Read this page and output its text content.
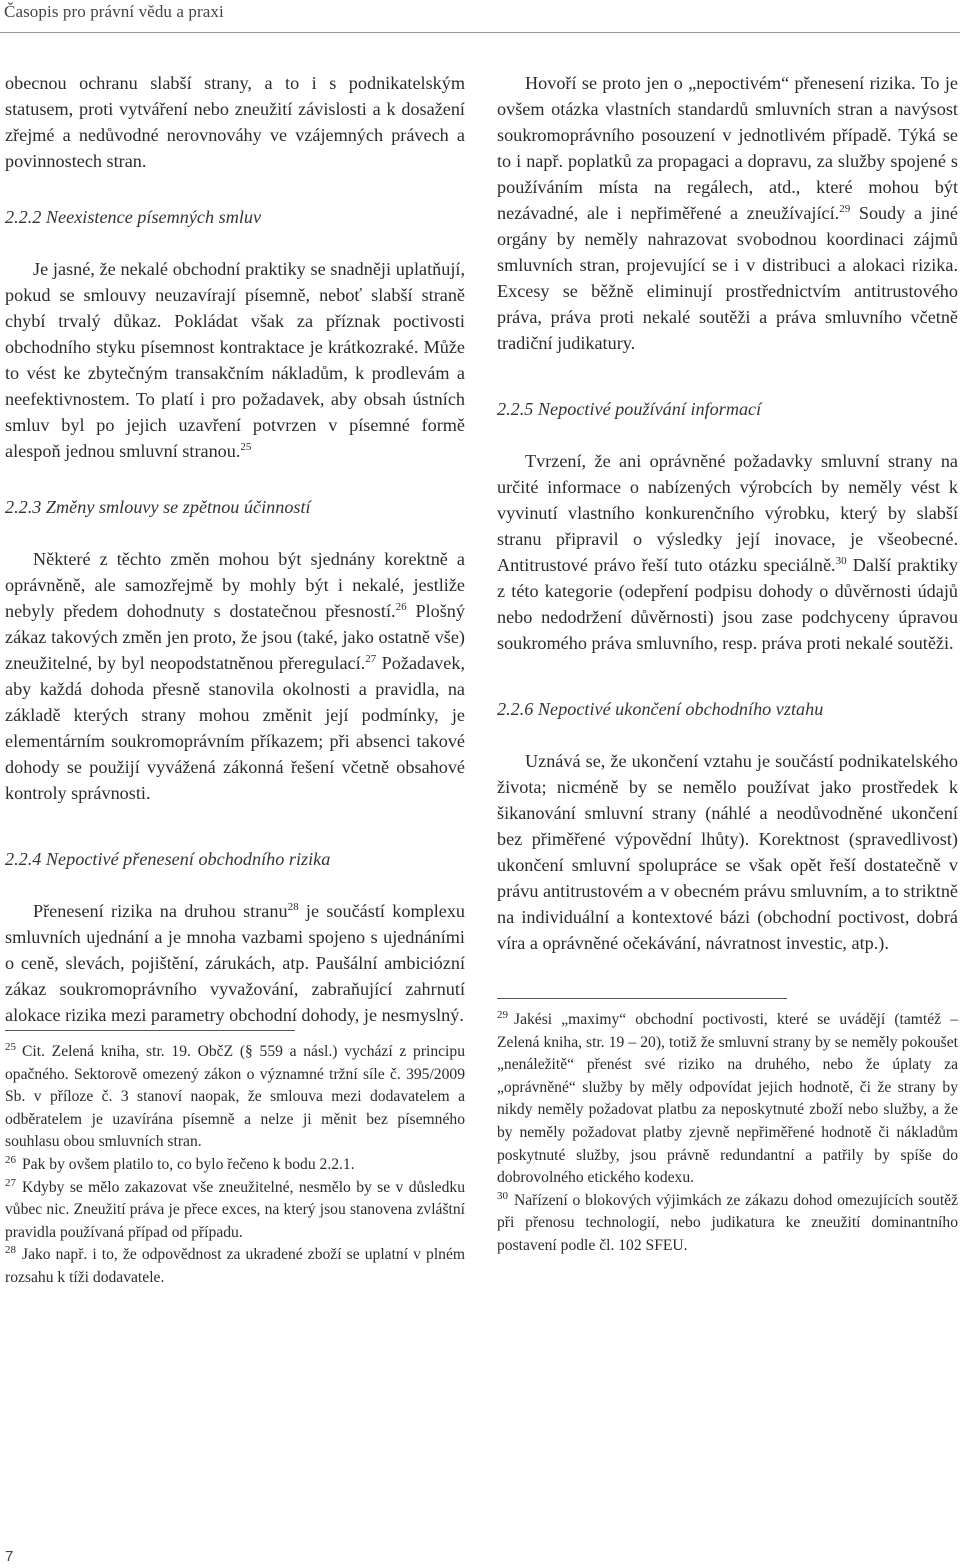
Časopis pro právní vědu a praxi

obecnou ochranu slabší strany, a to i s podnikatelským statusem, proti vytváření nebo zneužití závislosti a k dosažení zřejmé a nedůvodné nerovnováhy ve vzájemných právech a povinnostech stran.

2.2.2 Neexistence písemných smluv

Je jasné, že nekalé obchodní praktiky se snadněji uplatňují, pokud se smlouvy neuzavírají písemně, neboť slabší straně chybí trvalý důkaz. Pokládat však za příznak poctivosti obchodního styku písemnost kontraktace je krátkozraké. Může to vést ke zbytečným transakčním nákladům, k prodlevám a neefektivnostem. To platí i pro požadavek, aby obsah ústních smluv byl po jejich uzavření potvrzen v písemné formě alespoň jednou smluvní stranou.$^{25}$

2.2.3 Změny smlouvy se zpětnou účinností

Některé z těchto změn mohou být sjednány korektně a oprávněně, ale samozřejmě by mohly být i nekalé, jestliže nebyly předem dohodnuty s dostatečnou přesností.$^{26}$ Plošný zákaz takových změn jen proto, že jsou (také, jako ostatně vše) zneužitelné, by byl neopodstatněnou přeregulací.$^{27}$ Požadavek, aby každá dohoda přesně stanovila okolnosti a pravidla, na základě kterých strany mohou změnit její podmínky, je elementárním soukromoprávním příkazem; při absenci takové dohody se použijí vyvážená zákonná řešení včetně obsahové kontroly správnosti.

2.2.4 Nepoctivé přenesení obchodního rizika

Přenesení rizika na druhou stranu$^{28}$ je součástí komplexu smluvních ujednání a je mnoha vazbami spojeno s ujednáními o ceně, slevách, pojištění, zárukách, atp. Paušální ambiciózní zákaz soukromoprávního vyvažování, zabraňující zahrnutí alokace rizika mezi parametry obchodní dohody, je nesmyslný.

$^{25}$ Cit. Zelená kniha, str. 19. ObčZ (§ 559 a násl.) vychází z principu opačného. Sektorově omezený zákon o významné tržní síle č. 395/2009 Sb. v příloze č. 3 stanoví naopak, že smlouva mezi dodavatelem a odběratelem je uzavírána písemně a nelze ji měnit bez písemného souhlasu obou smluvních stran.

$^{26}$ Pak by ovšem platilo to, co bylo řečeno k bodu 2.2.1.

$^{27}$ Kdyby se mělo zakazovat vše zneužitelné, nesmělo by se v důsledku vůbec nic. Zneužití práva je přece exces, na který jsou stanovena zvláštní pravidla používaná případ od případu.

$^{28}$ Jako např. i to, že odpovědnost za ukradené zboží se uplatní v plném rozsahu k tíži dodavatele.

Hovoří se proto jen o „nepoctivém“ přenesení rizika. To je ovšem otázka vlastních standardů smluvních stran a navýsost soukromoprávního posouzení v jednotlivém případě. Týká se to i např. poplatků za propagaci a dopravu, za služby spojené s používáním místa na regálech, atd., které mohou být nezávadné, ale i nepřiměřené a zneužívající.$^{29}$ Soudy a jiné orgány by neměly nahrazovat svobodnou koordinaci zájmů smluvních stran, projevující se i v distribuci a alokaci rizika. Excesy se běžně eliminují prostřednictvím antitrustového práva, práva proti nekalé soutěži a práva smluvního včetně tradiční judikatury.

2.2.5 Nepoctivé používání informací

Tvrzení, že ani oprávněné požadavky smluvní strany na určité informace o nabízených výrobcích by neměly vést k vyvinutí vlastního konkurenčního výrobku, který by slabší stranu připravil o výsledky její inovace, je všeobecné. Antitrustové právo řeší tuto otázku speciálně.$^{30}$ Další praktiky z této kategorie (odepření podpisu dohody o důvěrnosti údajů nebo nedodržení důvěrnosti) jsou zase podchyceny úpravou soukromého práva smluvního, resp. práva proti nekalé soutěži.

2.2.6 Nepoctivé ukončení obchodního vztahu

Uznává se, že ukončení vztahu je součástí podnikatelského života; nicméně by se nemělo používat jako prostředek k šikanování smluvní strany (náhlé a neodůvodněné ukončení bez přiměřené výpovědní lhůty). Korektnost (spravedlivost) ukončení smluvní spolupráce se však opět řeší dostatečně v právu antitrustovém a v obecném právu smluvním, a to striktně na individuální a kontextové bázi (obchodní poctivost, dobrá víra a oprávněné očekávání, návratnost investic, atp.).

$^{29}$ Jakési „maximy“ obchodní poctivosti, které se uvádějí (tamtéž – Zelená kniha, str. 19 – 20), totiž že smluvní strany by se neměly pokoušet „nenáležitě“ přenést své riziko na druhého, nebo že úplaty za „oprávněné“ služby by měly odpovídat jejich hodnotě, či že strany by nikdy neměly požadovat platbu za neposkytnuté zboží nebo služby, a že by neměly požadovat platby zjevně nepřiměřené hodnotě či nákladům poskytnuté služby, jsou právně redundantní a patřily by spíše do dobrovolného etického kodexu.

$^{30}$ Nařízení o blokových výjimkách ze zákazu dohod omezujících soutěž při přenosu technologií, nebo judikatura ke zneužití dominantního postavení podle čl. 102 SFEU.

7
